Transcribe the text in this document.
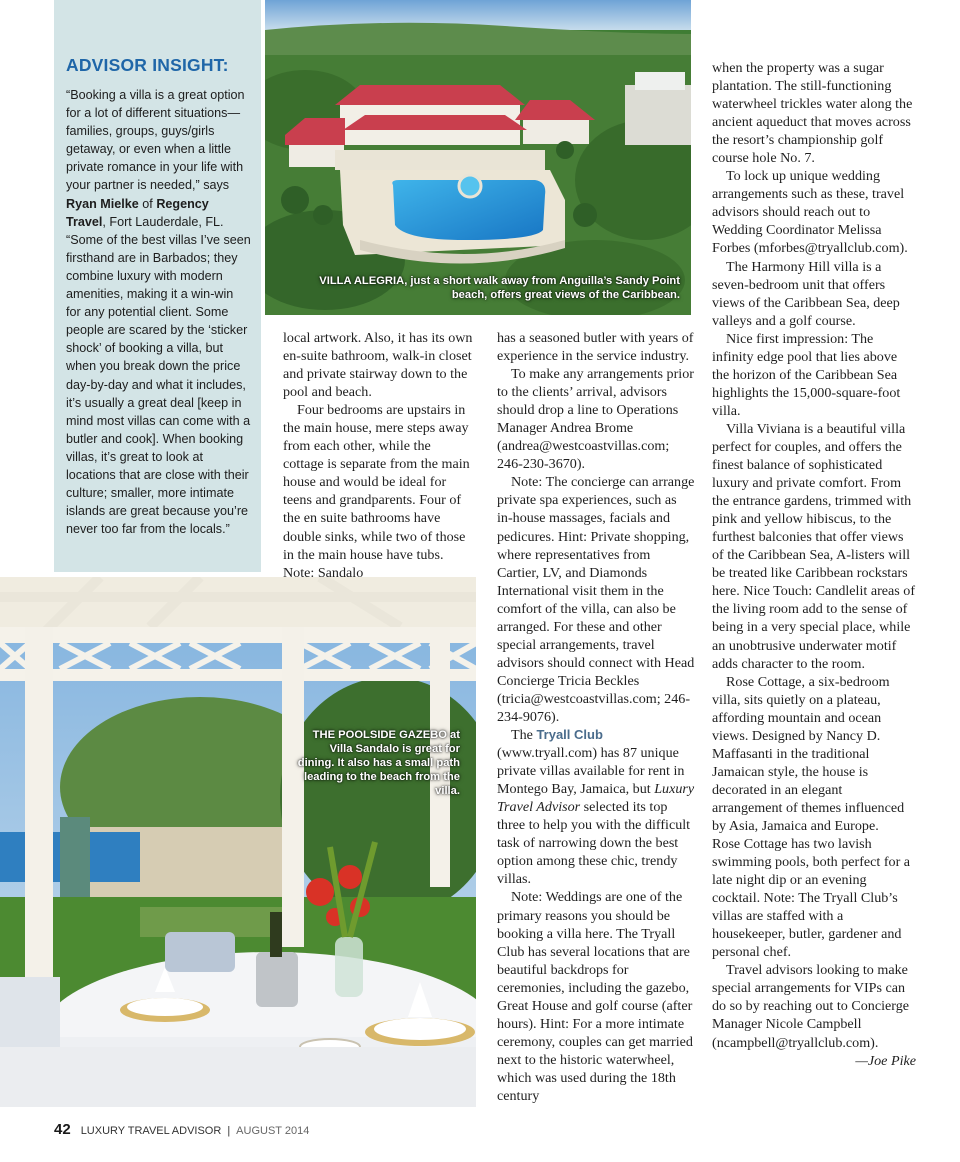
ADVISOR INSIGHT:

“Booking a villa is a great option for a lot of different situations—families, groups, guys/girls getaway, or even when a little private romance in your life with your partner is needed,” says Ryan Mielke of Regency Travel, Fort Lauderdale, FL. “Some of the best villas I’ve seen firsthand are in Barbados; they combine luxury with modern amenities, making it a win-win for any potential client. Some people are scared by the ‘sticker shock’ of booking a villa, but when you break down the price day-by-day and what it includes, it’s usually a great deal [keep in mind most villas can come with a butler and cook]. When booking villas, it’s great to look at locations that are close with their culture; smaller, more intimate islands are great because you’re never too far from the locals.”

VILLA ALEGRIA, just a short walk away from Anguilla’s Sandy Point beach, offers great views of the Caribbean.
THE POOLSIDE GAZEBO at Villa Sandalo is great for dining. It also has a small path leading to the beach from the villa.

local artwork. Also, it has its own en-suite bathroom, walk-in closet and private stairway down to the pool and beach.

Four bedrooms are upstairs in the main house, mere steps away from each other, while the cottage is separate from the main house and would be ideal for teens and grandparents. Four of the en suite bathrooms have double sinks, while two of those in the main house have tubs. Note: Sandalo

has a seasoned butler with years of experience in the service industry.

To make any arrangements prior to the clients’ arrival, advisors should drop a line to Operations Manager Andrea Brome (andrea@westcoastvillas.com; 246-230-3670).

Note: The concierge can arrange private spa experiences, such as in-house massages, facials and pedicures. Hint: Private shopping, where representatives from Cartier, LV, and Diamonds International visit them in the comfort of the villa, can also be arranged. For these and other special arrangements, travel advisors should connect with Head Concierge Tricia Beckles (tricia@westcoastvillas.com; 246-234-9076).

The Tryall Club (www.tryall.com) has 87 unique private villas available for rent in Montego Bay, Jamaica, but Luxury Travel Advisor selected its top three to help you with the difficult task of narrowing down the best option among these chic, trendy villas.

Note: Weddings are one of the primary reasons you should be booking a villa here. The Tryall Club has several locations that are beautiful backdrops for ceremonies, including the gazebo, Great House and golf course (after hours). Hint: For a more intimate ceremony, couples can get married next to the historic waterwheel, which was used during the 18th century

when the property was a sugar plantation. The still-functioning waterwheel trickles water along the ancient aqueduct that moves across the resort’s championship golf course hole No. 7.

To lock up unique wedding arrangements such as these, travel advisors should reach out to Wedding Coordinator Melissa Forbes (mforbes@tryallclub.com).

The Harmony Hill villa is a seven-bedroom unit that offers views of the Caribbean Sea, deep valleys and a golf course.

Nice first impression: The infinity edge pool that lies above the horizon of the Caribbean Sea highlights the 15,000-square-foot villa.

Villa Viviana is a beautiful villa perfect for couples, and offers the finest balance of sophisticated luxury and private comfort. From the entrance gardens, trimmed with pink and yellow hibiscus, to the furthest balconies that offer views of the Caribbean Sea, A-listers will be treated like Caribbean rockstars here. Nice Touch: Candlelit areas of the living room add to the sense of being in a very special place, while an unobtrusive underwater motif adds character to the room.

Rose Cottage, a six-bedroom villa, sits quietly on a plateau, affording mountain and ocean views. Designed by Nancy D. Maffasanti in the traditional Jamaican style, the house is decorated in an elegant arrangement of themes influenced by Asia, Jamaica and Europe.

Rose Cottage has two lavish swimming pools, both perfect for a late night dip or an evening cocktail. Note: The Tryall Club’s villas are staffed with a housekeeper, butler, gardener and personal chef.

Travel advisors looking to make special arrangements for VIPs can do so by reaching out to Concierge Manager Nicole Campbell (ncampbell@tryallclub.com).
—Joe Pike

42 LUXURY TRAVEL ADVISOR | AUGUST 2014
